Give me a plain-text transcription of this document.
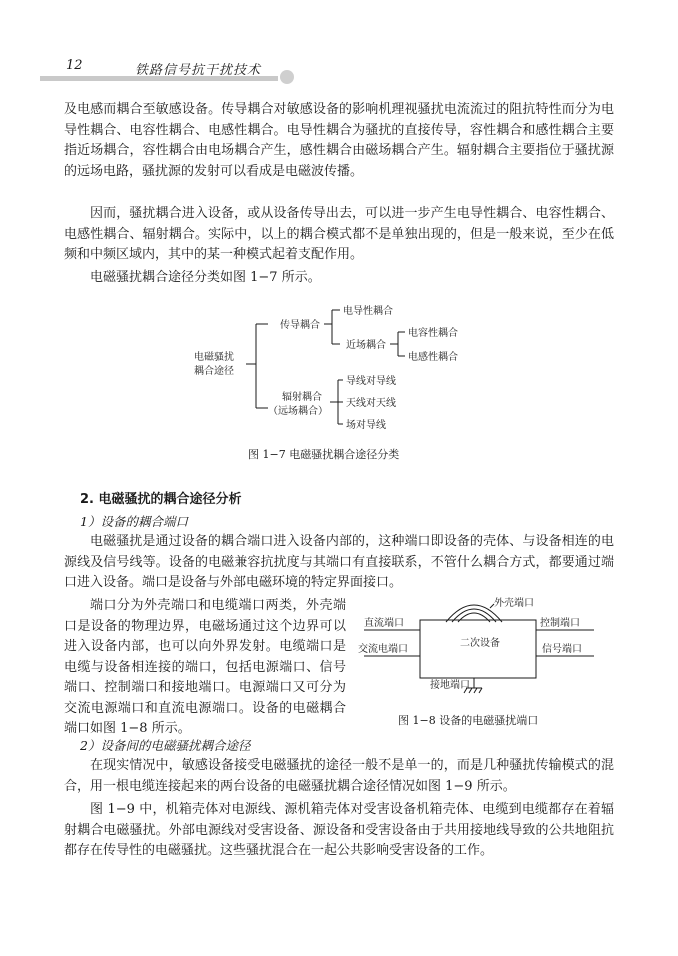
12	铁路信号抗干扰技术

及电感而耦合至敏感设备。传导耦合对敏感设备的影响机理视骚扰电流流过的阻抗特性而分为电导性耦合、电容性耦合、电感性耦合。电导性耦合为骚扰的直接传导，容性耦合和感性耦合主要指近场耦合，容性耦合由电场耦合产生，感性耦合由磁场耦合产生。辐射耦合主要指位于骚扰源的远场电路，骚扰源的发射可以看成是电磁波传播。

因而，骚扰耦合进入设备，或从设备传导出去，可以进一步产生电导性耦合、电容性耦合、电感性耦合、辐射耦合。实际中，以上的耦合模式都不是单独出现的，但是一般来说，至少在低频和中频区域内，其中的某一种模式起着支配作用。

电磁骚扰耦合途径分类如图 1−7 所示。

电磁骚扰
耦合途径
传导耦合
电导性耦合
近场耦合
电容性耦合
电感性耦合
辐射耦合
（远场耦合）
导线对导线
天线对天线
场对导线
图 1−7 电磁骚扰耦合途径分类
2. 电磁骚扰的耦合途径分析
1）设备的耦合端口

电磁骚扰是通过设备的耦合端口进入设备内部的，这种端口即设备的壳体、与设备相连的电源线及信号线等。设备的电磁兼容抗扰度与其端口有直接联系，不管什么耦合方式，都要通过端口进入设备。端口是设备与外部电磁环境的特定界面接口。

端口分为外壳端口和电缆端口两类，外壳端口是设备的物理边界，电磁场通过这个边界可以进入设备内部，也可以向外界发射。电缆端口是电缆与设备相连接的端口，包括电源端口、信号端口、控制端口和接地端口。电源端口又可分为交流电源端口和直流电源端口。设备的电磁耦合端口如图 1−8 所示。

外壳端口
二次设备
直流端口
交流电端口
控制端口
信号端口
接地端口
图 1−8 设备的电磁骚扰端口
2）设备间的电磁骚扰耦合途径

在现实情况中，敏感设备接受电磁骚扰的途径一般不是单一的，而是几种骚扰传输模式的混合，用一根电缆连接起来的两台设备的电磁骚扰耦合途径情况如图 1−9 所示。

图 1−9 中，机箱壳体对电源线、源机箱壳体对受害设备机箱壳体、电缆到电缆都存在着辐射耦合电磁骚扰。外部电源线对受害设备、源设备和受害设备由于共用接地线导致的公共地阻抗都存在传导性的电磁骚扰。这些骚扰混合在一起公共影响受害设备的工作。
